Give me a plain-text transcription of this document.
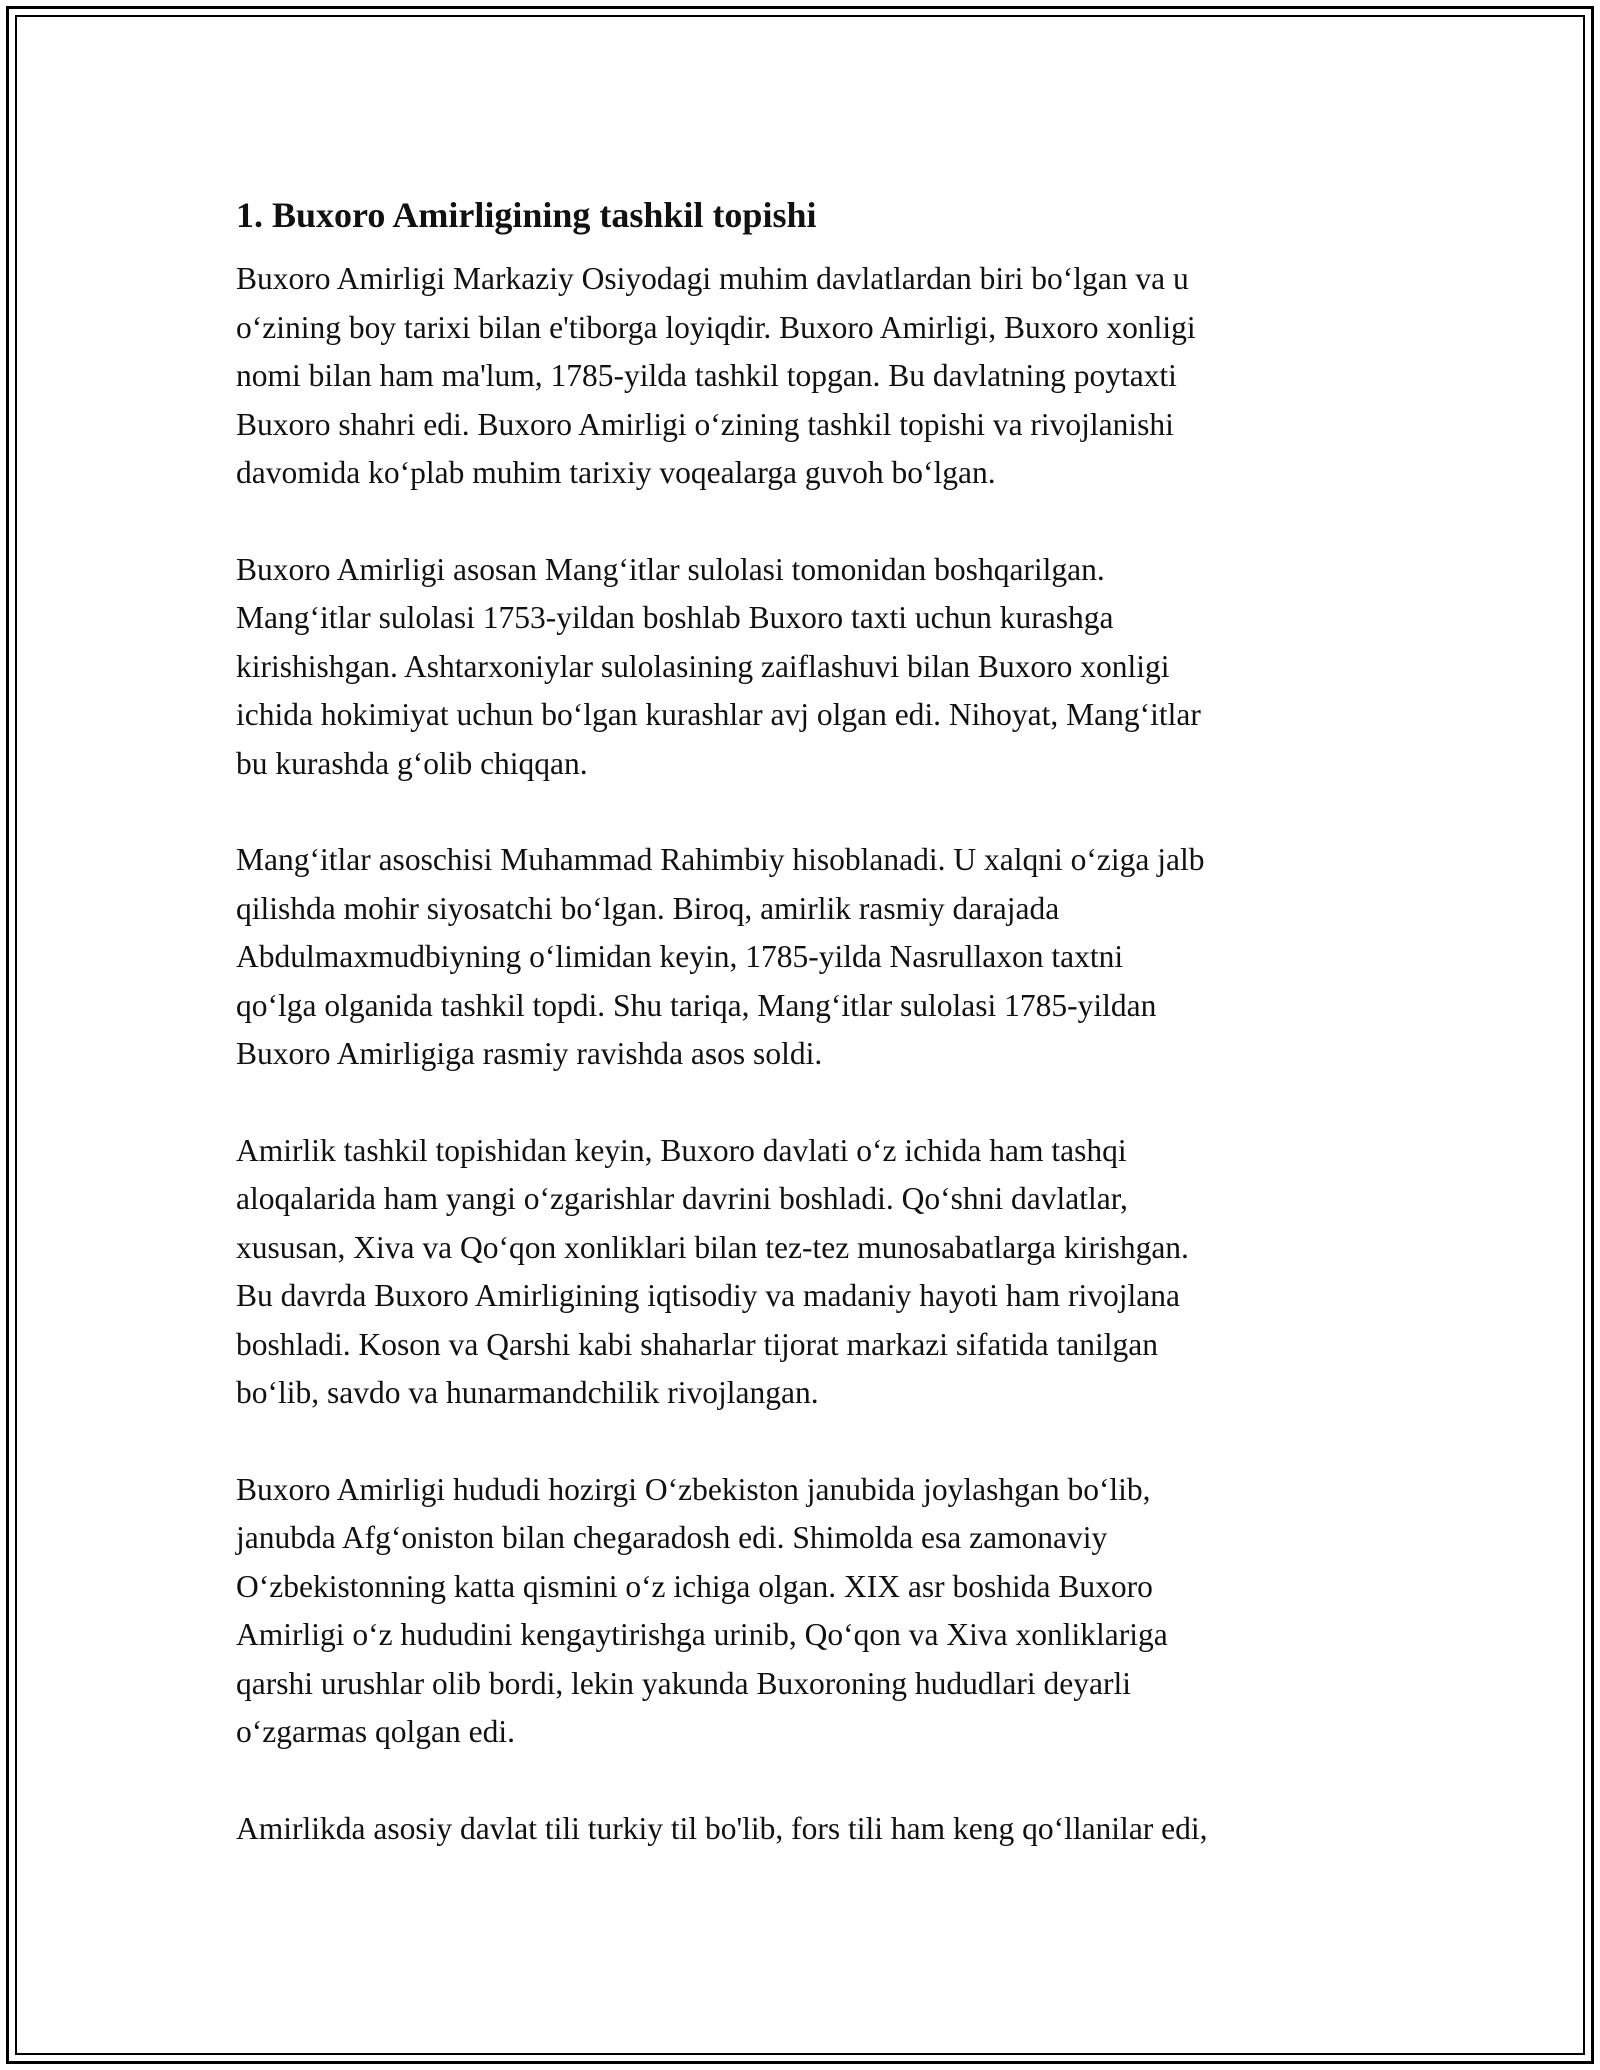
1. Buxoro Amirligining tashkil topishi

Buxoro Amirligi Markaziy Osiyodagi muhim davlatlardan biri bo‘lgan va u
o‘zining boy tarixi bilan e'tiborga loyiqdir. Buxoro Amirligi, Buxoro xonligi
nomi bilan ham ma'lum, 1785-yilda tashkil topgan. Bu davlatning poytaxti
Buxoro shahri edi. Buxoro Amirligi o‘zining tashkil topishi va rivojlanishi
davomida ko‘plab muhim tarixiy voqealarga guvoh bo‘lgan.

Buxoro Amirligi asosan Mang‘itlar sulolasi tomonidan boshqarilgan.
Mang‘itlar sulolasi 1753-yildan boshlab Buxoro taxti uchun kurashga
kirishishgan. Ashtarxoniylar sulolasining zaiflashuvi bilan Buxoro xonligi
ichida hokimiyat uchun bo‘lgan kurashlar avj olgan edi. Nihoyat, Mang‘itlar
bu kurashda g‘olib chiqqan.

Mang‘itlar asoschisi Muhammad Rahimbiy hisoblanadi. U xalqni o‘ziga jalb
qilishda mohir siyosatchi bo‘lgan. Biroq, amirlik rasmiy darajada
Abdulmaxmudbiyning o‘limidan keyin, 1785-yilda Nasrullaxon taxtni
qo‘lga olganida tashkil topdi. Shu tariqa, Mang‘itlar sulolasi 1785-yildan
Buxoro Amirligiga rasmiy ravishda asos soldi.

Amirlik tashkil topishidan keyin, Buxoro davlati o‘z ichida ham tashqi
aloqalarida ham yangi o‘zgarishlar davrini boshladi. Qo‘shni davlatlar,
xususan, Xiva va Qo‘qon xonliklari bilan tez-tez munosabatlarga kirishgan.
Bu davrda Buxoro Amirligining iqtisodiy va madaniy hayoti ham rivojlana
boshladi. Koson va Qarshi kabi shaharlar tijorat markazi sifatida tanilgan
bo‘lib, savdo va hunarmandchilik rivojlangan.

Buxoro Amirligi hududi hozirgi O‘zbekiston janubida joylashgan bo‘lib,
janubda Afg‘oniston bilan chegaradosh edi. Shimolda esa zamonaviy
O‘zbekistonning katta qismini o‘z ichiga olgan. XIX asr boshida Buxoro
Amirligi o‘z hududini kengaytirishga urinib, Qo‘qon va Xiva xonliklariga
qarshi urushlar olib bordi, lekin yakunda Buxoroning hududlari deyarli
o‘zgarmas qolgan edi.

Amirlikda asosiy davlat tili turkiy til bo'lib, fors tili ham keng qo‘llanilar edi,
